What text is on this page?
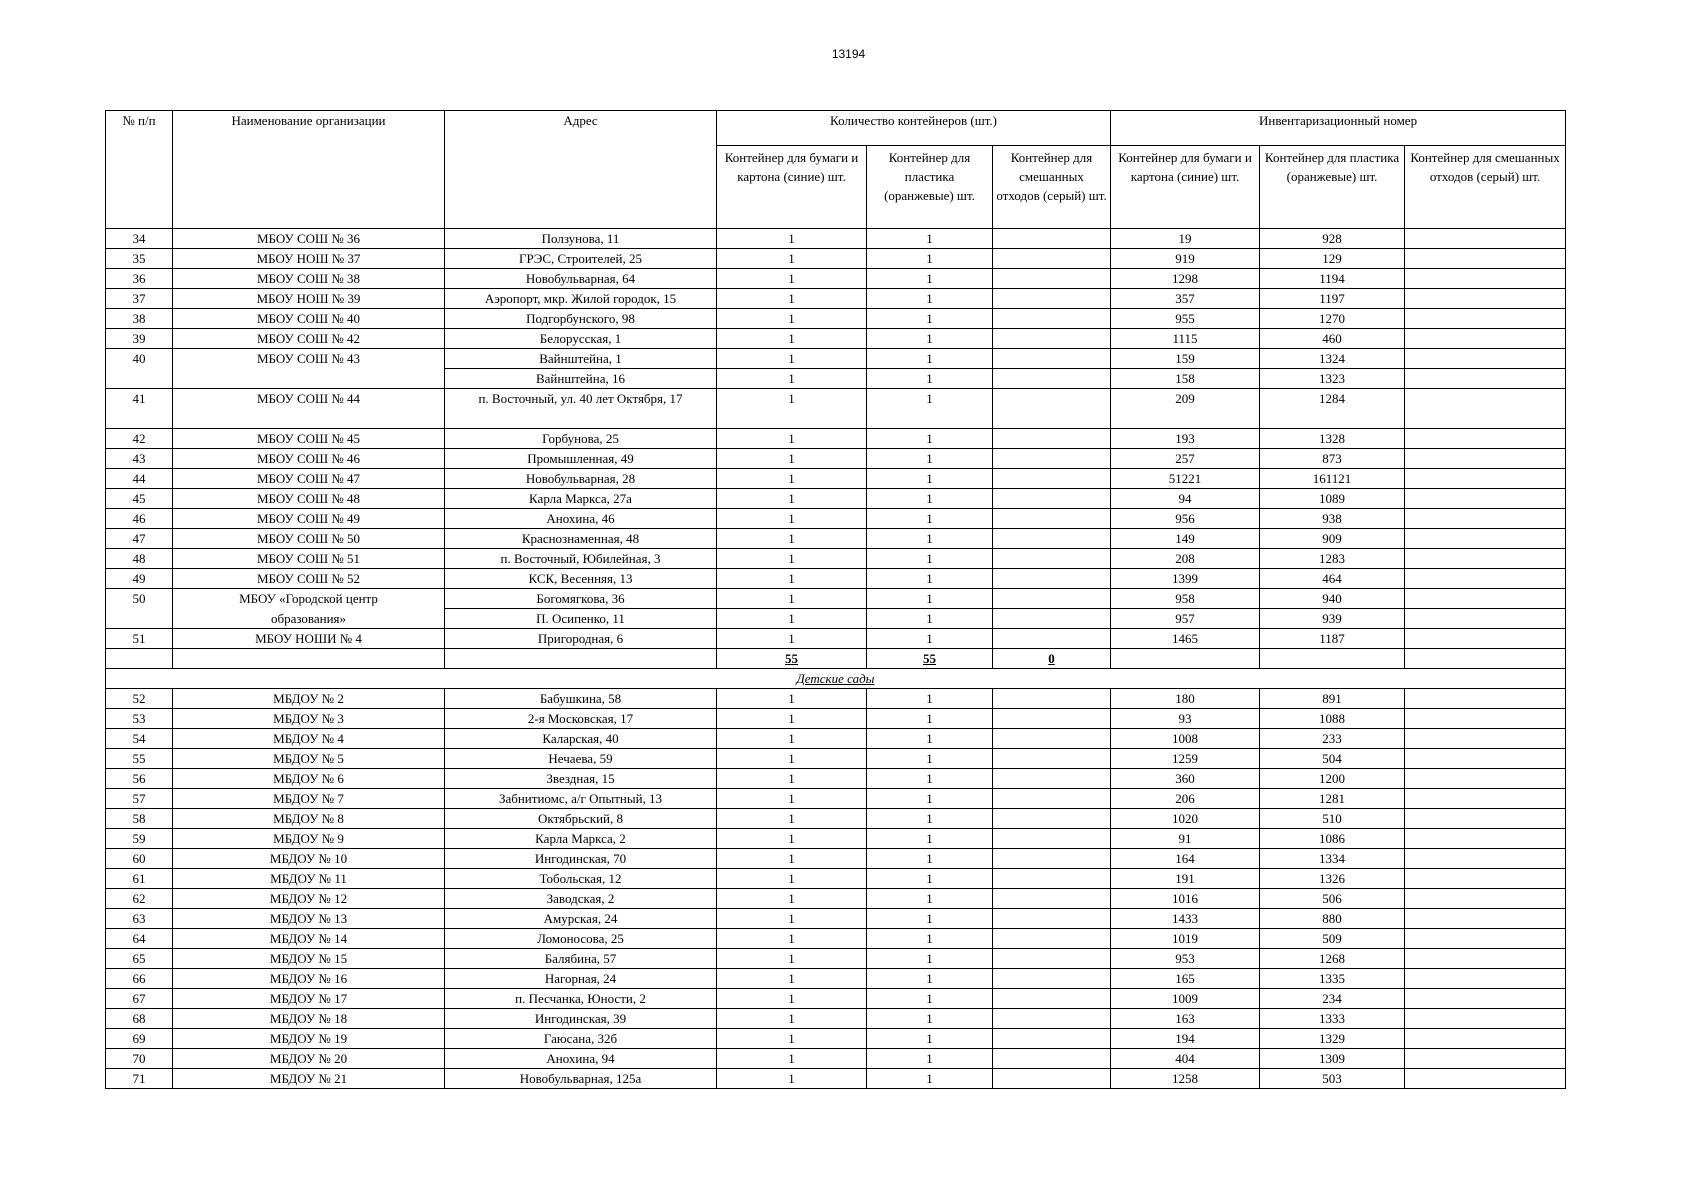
13194
№ п/п	Наименование организации	Адрес	Количество контейнеров (шт.)			Инвентаризационный номер		
			Контейнер для бумаги и картона (синие) шт.	Контейнер для пластика (оранжевые) шт.	Контейнер для смешанных отходов (серый) шт.	Контейнер для бумаги и картона (синие) шт.	Контейнер для пластика (оранжевые) шт.	Контейнер для смешанных отходов (серый) шт.
34	МБОУ СОШ № 36	Ползунова, 11	1	1		19	928	
35	МБОУ НОШ № 37	ГРЭС, Строителей, 25	1	1		919	129	
36	МБОУ СОШ № 38	Новобульварная, 64	1	1		1298	1194	
37	МБОУ НОШ № 39	Аэропорт, мкр. Жилой городок, 15	1	1		357	1197	
38	МБОУ СОШ № 40	Подгорбунского, 98	1	1		955	1270	
39	МБОУ СОШ № 42	Белорусская, 1	1	1		1115	460	
40	МБОУ СОШ № 43	Вайнштейна, 1	1	1		159	1324	
		Вайнштейна, 16	1	1		158	1323	
41	МБОУ СОШ № 44	п. Восточный, ул. 40 лет Октября, 17	1	1		209	1284	
42	МБОУ СОШ № 45	Горбунова, 25	1	1		193	1328	
43	МБОУ СОШ № 46	Промышленная, 49	1	1		257	873	
44	МБОУ СОШ № 47	Новобульварная, 28	1	1		51221	161121	
45	МБОУ СОШ № 48	Карла Маркса, 27а	1	1		94	1089	
46	МБОУ СОШ № 49	Анохина, 46	1	1		956	938	
47	МБОУ СОШ № 50	Краснознаменная, 48	1	1		149	909	
48	МБОУ СОШ № 51	п. Восточный, Юбилейная, 3	1	1		208	1283	
49	МБОУ СОШ № 52	КСК, Весенняя, 13	1	1		1399	464	
50	МБОУ «Городской центр	Богомягкова, 36	1	1		958	940	
	образования»	П. Осипенко, 11	1	1		957	939	
51	МБОУ НОШИ № 4	Пригородная, 6	1	1		1465	1187	
			55	55	0			
Детские сады								
52	МБДОУ № 2	Бабушкина, 58	1	1		180	891	
53	МБДОУ № 3	2-я Московская, 17	1	1		93	1088	
54	МБДОУ № 4	Каларская, 40	1	1		1008	233	
55	МБДОУ № 5	Нечаева, 59	1	1		1259	504	
56	МБДОУ № 6	Звездная, 15	1	1		360	1200	
57	МБДОУ № 7	Забнитиомс, а/г Опытный, 13	1	1		206	1281	
58	МБДОУ № 8	Октябрьский, 8	1	1		1020	510	
59	МБДОУ № 9	Карла Маркса, 2	1	1		91	1086	
60	МБДОУ № 10	Ингодинская, 70	1	1		164	1334	
61	МБДОУ № 11	Тобольская, 12	1	1		191	1326	
62	МБДОУ № 12	Заводская, 2	1	1		1016	506	
63	МБДОУ № 13	Амурская, 24	1	1		1433	880	
64	МБДОУ № 14	Ломоносова, 25	1	1		1019	509	
65	МБДОУ № 15	Балябина, 57	1	1		953	1268	
66	МБДОУ № 16	Нагорная, 24	1	1		165	1335	
67	МБДОУ № 17	п. Песчанка, Юности, 2	1	1		1009	234	
68	МБДОУ № 18	Ингодинская, 39	1	1		163	1333	
69	МБДОУ № 19	Гаюсана, 32б	1	1		194	1329	
70	МБДОУ № 20	Анохина, 94	1	1		404	1309	
71	МБДОУ № 21	Новобульварная, 125а	1	1		1258	503	
